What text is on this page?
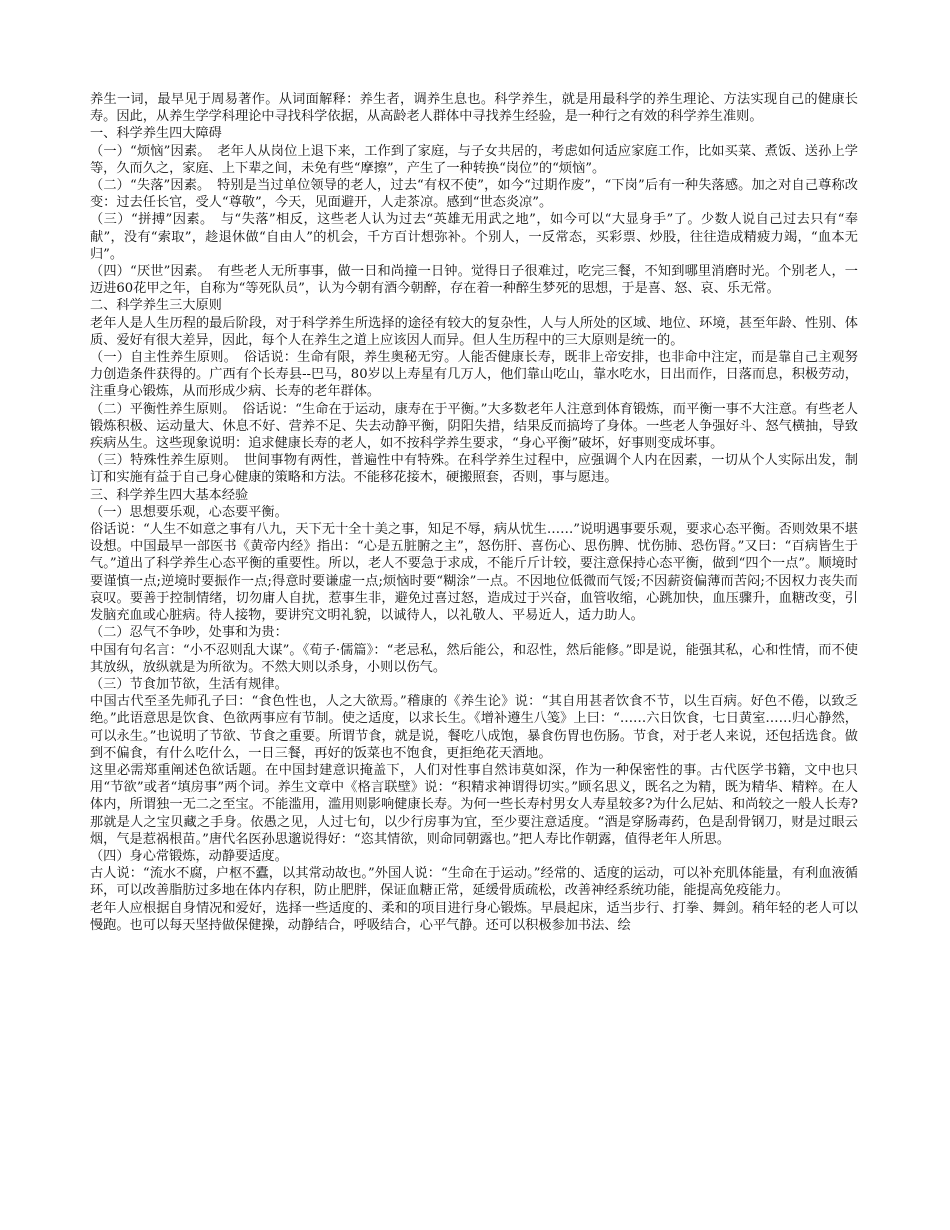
养生一词，最早见于周易著作。从词面解释：养生者，调养生息也。科学养生，就是用最科学的养生理论、方法实现自己的健康长寿。因此，从养生学学科理论中寻找科学依据，从高龄老人群体中寻找养生经验，是一种行之有效的科学养生准则。

一、科学养生四大障碍

（一）“烦恼”因素。　老年人从岗位上退下来，工作到了家庭，与子女共居的，考虑如何适应家庭工作，比如买菜、煮饭、送孙上学等，久而久之，家庭、上下辈之间，未免有些“摩擦”，产生了一种转换“岗位”的“烦恼”。

（二）“失落”因素。　特别是当过单位领导的老人，过去“有权不使”，如今“过期作废”，“下岗”后有一种失落感。加之对自己尊称改变：过去任长官，受人“尊敬”，今天，见面避开，人走茶凉。感到“世态炎凉”。

（三）“拼搏”因素。　与“失落”相反，这些老人认为过去“英雄无用武之地”，如今可以“大显身手”了。少数人说自己过去只有“奉献”，没有“索取”，趁退休做“自由人”的机会，千方百计想弥补。个别人，一反常态，买彩票、炒股，往往造成精疲力竭，“血本无归”。

（四）“厌世”因素。　有些老人无所事事，做一日和尚撞一日钟。觉得日子很难过，吃完三餐，不知到哪里消磨时光。个别老人，一迈进60花甲之年，自称为“等死队员”，认为今朝有酒今朝醉，存在着一种醉生梦死的思想，于是喜、怒、哀、乐无常。

二、科学养生三大原则

老年人是人生历程的最后阶段，对于科学养生所选择的途径有较大的复杂性，人与人所处的区域、地位、环境，甚至年龄、性别、体质、爱好有很大差异，因此，每个人在养生之道上应该因人而异。但人生历程中的三大原则是统一的。

（一）自主性养生原则。　俗话说：生命有限，养生奥秘无穷。人能否健康长寿，既非上帝安排，也非命中注定，而是靠自己主观努力创造条件获得的。广西有个长寿县--巴马，80岁以上寿星有几万人，他们靠山吃山，靠水吃水，日出而作，日落而息，积极劳动，注重身心锻炼，从而形成少病、长寿的老年群体。

（二）平衡性养生原则。　俗话说：“生命在于运动，康寿在于平衡。”大多数老年人注意到体育锻炼，而平衡一事不大注意。有些老人锻炼积极、运动量大、休息不好、营养不足、失去动静平衡，阴阳失措，结果反而搞垮了身体。一些老人争强好斗、怒气横抽，导致疾病丛生。这些现象说明：追求健康长寿的老人，如不按科学养生要求，“身心平衡”破坏，好事则变成坏事。

（三）特殊性养生原则。　世间事物有两性，普遍性中有特殊。在科学养生过程中，应强调个人内在因素，一切从个人实际出发，制订和实施有益于自己身心健康的策略和方法。不能移花接木，硬搬照套，否则，事与愿违。

三、科学养生四大基本经验

（一）思想要乐观，心态要平衡。

俗话说：“人生不如意之事有八九，天下无十全十美之事，知足不辱，病从忧生……”说明遇事要乐观，要求心态平衡。否则效果不堪设想。中国最早一部医书《黄帝内经》指出：“心是五脏腑之主”，怒伤肝、喜伤心、思伤脾、忧伤肺、恐伤肾。”又曰：“百病皆生于气。”道出了科学养生心态平衡的重要性。所以，老人不要急于求成，不能斤斤计较，要注意保持心态平衡，做到“四个一点”。顺境时要谨慎一点;逆境时要振作一点;得意时要谦虚一点;烦恼时要“糊涂”一点。不因地位低微而气馁;不因薪资偏薄而苦闷;不因权力丧失而哀叹。要善于控制情绪，切勿庸人自扰，惹事生非，避免过喜过怒，造成过于兴奋，血管收缩，心跳加快，血压骤升，血糖改变，引发脑充血或心脏病。待人接物，要讲究文明礼貌，以诚待人，以礼敬人、平易近人，适力助人。

（二）忍气不争吵，处事和为贵：

中国有句名言：“小不忍则乱大谋”。《荀子·儒篇》：“老忌私，然后能公，和忍性，然后能修。”即是说，能强其私，心和性情，而不使其放纵，放纵就是为所欲为。不然大则以杀身，小则以伤气。

（三）节食加节欲，生活有规律。

中国古代至圣先师孔子曰：“食色性也，人之大欲焉。”稽康的《养生论》说：“其自用甚者饮食不节，以生百病。好色不倦，以致乏绝。”此语意思是饮食、色欲两事应有节制。使之适度，以求长生。《增补遵生八笺》上曰：“……六日饮食，七日黄室……归心静然，可以永生。”也说明了节欲、节食之重要。所谓节食，就是说，餐吃八成饱，暴食伤胃也伤肠。节食，对于老人来说，还包括选食。做到不偏食，有什么吃什么，一日三餐，再好的饭菜也不饱食，更拒绝花天酒地。

这里必需郑重阐述色欲话题。在中国封建意识掩盖下，人们对性事自然讳莫如深，作为一种保密性的事。古代医学书籍，文中也只用“节欲”或者“填房事”两个词。养生文章中《格言联壁》说：“积精求神谓得切实。”顾名思义，既名之为精，既为精华、精粹。在人体内，所谓独一无二之至宝。不能滥用，滥用则影响健康长寿。为何一些长寿村男女人寿星较多?为什么尼姑、和尚较之一般人长寿?那就是人之宝贝藏之手身。依愚之见，人过七旬，以少行房事为宜，至少要注意适度。“酒是穿肠毒药，色是刮骨钢刀，财是过眼云烟，气是惹祸根苗。”唐代名医孙思邈说得好：“恣其情欲，则命同朝露也。”把人寿比作朝露，值得老年人所思。

（四）身心常锻炼，动静要适度。

古人说：“流水不腐，户枢不蠹，以其常动故也。”外国人说：“生命在于运动。”经常的、适度的运动，可以补充肌体能量，有利血液循环，可以改善脂肪过多地在体内存积，防止肥胖，保证血糖正常，延缓骨质疏松，改善神经系统功能，能提高免疫能力。

老年人应根据自身情况和爱好，选择一些适度的、柔和的项目进行身心锻炼。早晨起床，适当步行、打拳、舞剑。稍年轻的老人可以慢跑。也可以每天坚持做保健操，动静结合，呼吸结合，心平气静。还可以积极参加书法、绘
